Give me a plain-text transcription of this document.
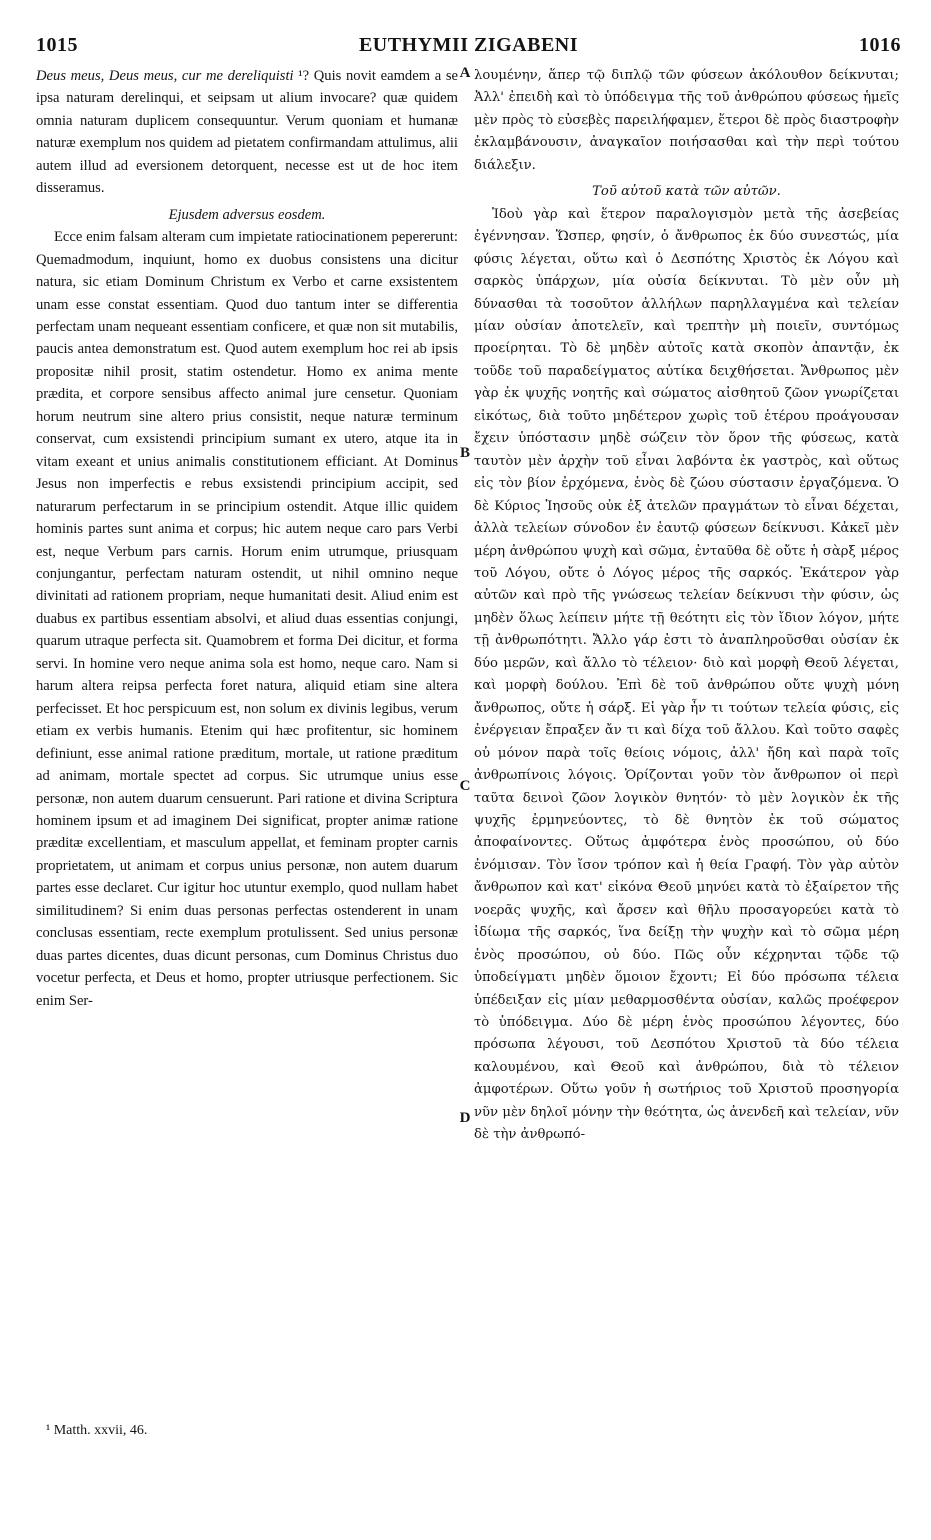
1015	EUTHYMII ZIGABENI	1016

Deus meus, Deus meus, cur me dereliquisti ¹? Quis novit eamdem a se ipsa naturam derelinqui, et seipsam ut alium invocare? quæ quidem omnia naturam duplicem consequuntur. Verum quoniam et humanæ naturæ exemplum nos quidem ad pietatem confirmandam attulimus, alii autem illud ad eversionem detorquent, necesse est ut de hoc item disseramus.

Ejusdem adversus eosdem.

Ecce enim falsam alteram cum impietate ratiocinationem pepererunt: Quemadmodum, inquiunt, homo ex duobus consistens una dicitur natura, sic etiam Dominum Christum ex Verbo et carne exsistentem unam esse constat essentiam. Quod duo tantum inter se differentia perfectam unam nequeant essentiam conficere, et quæ non sit mutabilis, paucis antea demonstratum est. Quod autem exemplum hoc rei ab ipsis propositæ nihil prosit, statim ostendetur. Homo ex anima mente prædita, et corpore sensibus affecto animal jure censetur. Quoniam horum neutrum sine altero prius consistit, neque naturæ terminum conservat, cum exsistendi principium sumant ex utero, atque ita in vitam exeant et unius animalis constitutionem efficiant. At Dominus Jesus non imperfectis e rebus exsistendi principium accipit, sed naturarum perfectarum in se principium ostendit. Atque illic quidem hominis partes sunt anima et corpus; hic autem neque caro pars Verbi est, neque Verbum pars carnis. Horum enim utrumque, priusquam conjungantur, perfectam naturam ostendit, ut nihil omnino neque divinitati ad rationem propriam, neque humanitati desit. Aliud enim est duabus ex partibus essentiam absolvi, et aliud duas essentias conjungi, quarum utraque perfecta sit. Quamobrem et forma Dei dicitur, et forma servi. In homine vero neque anima sola est homo, neque caro. Nam si harum altera reipsa perfecta foret natura, aliquid etiam sine altera perfecisset. Et hoc perspicuum est, non solum ex divinis legibus, verum etiam ex verbis humanis. Etenim qui hæc profitentur, sic hominem definiunt, esse animal ratione præditum, mortale, ut ratione præditum ad animam, mortale spectet ad corpus. Sic utrumque unius esse personæ, non autem duarum censuerunt. Pari ratione et divina Scriptura hominem ipsum et ad imaginem Dei significat, propter animæ ratione præditæ excellentiam, et masculum appellat, et feminam propter carnis proprietatem, ut animam et corpus unius personæ, non autem duarum partes esse declaret. Cur igitur hoc utuntur exemplo, quod nullam habet similitudinem? Si enim duas personas perfectas ostenderent in unam conclusas essentiam, recte exemplum protulissent. Sed unius personæ duas partes dicentes, duas dicunt personas, cum Dominus Christus duo vocetur perfecta, et Deus et homo, propter utriusque perfectionem. Sic enim Ser-

A
B
C
D

λουμένην, ἅπερ τῷ διπλῷ τῶν φύσεων ἀκόλουθον δείκνυται; Ἀλλ' ἐπειδὴ καὶ τὸ ὑπόδειγμα τῆς τοῦ ἀνθρώπου φύσεως ἡμεῖς μὲν πρὸς τὸ εὐσεβὲς παρειλήφαμεν, ἕτεροι δὲ πρὸς διαστροφὴν ἐκλαμβάνουσιν, ἀναγκαῖον ποιήσασθαι καὶ τὴν περὶ τούτου διάλεξιν.

Τοῦ αὐτοῦ κατὰ τῶν αὐτῶν.

Ἰδοὺ γὰρ καὶ ἕτερον παραλογισμὸν μετὰ τῆς ἀσεβείας ἐγέννησαν. Ὥσπερ, φησίν, ὁ ἄνθρωπος ἐκ δύο συνεστώς, μία φύσις λέγεται, οὕτω καὶ ὁ Δεσπότης Χριστὸς ἐκ Λόγου καὶ σαρκὸς ὑπάρχων, μία οὐσία δείκνυται. Τὸ μὲν οὖν μὴ δύνασθαι τὰ τοσοῦτον ἀλλήλων παρηλλαγμένα καὶ τελείαν μίαν οὐσίαν ἀποτελεῖν, καὶ τρεπτὴν μὴ ποιεῖν, συντόμως προείρηται. Τὸ δὲ μηδὲν αὐτοῖς κατὰ σκοπὸν ἀπαντᾷν, ἐκ τοῦδε τοῦ παραδείγματος αὐτίκα δειχθήσεται. Ἄνθρωπος μὲν γὰρ ἐκ ψυχῆς νοητῆς καὶ σώματος αἰσθητοῦ ζῶον γνωρίζεται εἰκότως, διὰ τοῦτο μηδέτερον χωρὶς τοῦ ἑτέρου προάγουσαν ἔχειν ὑπόστασιν μηδὲ σώζειν τὸν ὅρον τῆς φύσεως, κατὰ ταυτὸν μὲν ἀρχὴν τοῦ εἶναι λαβόντα ἐκ γαστρὸς, καὶ οὕτως εἰς τὸν βίον ἐρχόμενα, ἑνὸς δὲ ζώου σύστασιν ἐργαζόμενα. Ὁ δὲ Κύριος Ἰησοῦς οὐκ ἐξ ἀτελῶν πραγμάτων τὸ εἶναι δέχεται, ἀλλὰ τελείων σύνοδον ἐν ἑαυτῷ φύσεων δείκνυσι. Κἀκεῖ μὲν μέρη ἀνθρώπου ψυχὴ καὶ σῶμα, ἐνταῦθα δὲ οὔτε ἡ σὰρξ μέρος τοῦ Λόγου, οὔτε ὁ Λόγος μέρος τῆς σαρκός. Ἑκάτερον γὰρ αὐτῶν καὶ πρὸ τῆς γνώσεως τελείαν δείκνυσι τὴν φύσιν, ὡς μηδὲν ὅλως λείπειν μήτε τῇ θεότητι εἰς τὸν ἴδιον λόγον, μήτε τῇ ἀνθρωπότητι. Ἄλλο γάρ ἐστι τὸ ἀναπληροῦσθαι οὐσίαν ἐκ δύο μερῶν, καὶ ἄλλο τὸ τέλειον· διὸ καὶ μορφὴ Θεοῦ λέγεται, καὶ μορφὴ δούλου. Ἐπὶ δὲ τοῦ ἀνθρώπου οὔτε ψυχὴ μόνη ἄνθρωπος, οὔτε ἡ σάρξ. Εἰ γὰρ ἦν τι τούτων τελεία φύσις, εἰς ἐνέργειαν ἔπραξεν ἄν τι καὶ δίχα τοῦ ἄλλου. Καὶ τοῦτο σαφὲς οὐ μόνον παρὰ τοῖς θείοις νόμοις, ἀλλ' ἤδη καὶ παρὰ τοῖς ἀνθρωπίνοις λόγοις. Ὁρίζονται γοῦν τὸν ἄνθρωπον οἱ περὶ ταῦτα δεινοὶ ζῶον λογικὸν θνητόν· τὸ μὲν λογικὸν ἐκ τῆς ψυχῆς ἑρμηνεύοντες, τὸ δὲ θνητὸν ἐκ τοῦ σώματος ἀποφαίνοντες. Οὕτως ἀμφότερα ἑνὸς προσώπου, οὐ δύο ἐνόμισαν. Τὸν ἴσον τρόπον καὶ ἡ θεία Γραφή. Τὸν γὰρ αὐτὸν ἄνθρωπον καὶ κατ' εἰκόνα Θεοῦ μηνύει κατὰ τὸ ἐξαίρετον τῆς νοερᾶς ψυχῆς, καὶ ἄρσεν καὶ θῆλυ προσαγορεύει κατὰ τὸ ἰδίωμα τῆς σαρκός, ἵνα δείξῃ τὴν ψυχὴν καὶ τὸ σῶμα μέρη ἑνὸς προσώπου, οὐ δύο. Πῶς οὖν κέχρηνται τῷδε τῷ ὑποδείγματι μηδὲν ὅμοιον ἔχοντι; Εἰ δύο πρόσωπα τέλεια ὑπέδειξαν εἰς μίαν μεθαρμοσθέντα οὐσίαν, καλῶς προέφερον τὸ ὑπόδειγμα. Δύο δὲ μέρη ἑνὸς προσώπου λέγοντες, δύο πρόσωπα λέγουσι, τοῦ Δεσπότου Χριστοῦ τὰ δύο τέλεια καλουμένου, καὶ Θεοῦ καὶ ἀνθρώπου, διὰ τὸ τέλειον ἀμφοτέρων. Οὕτω γοῦν ἡ σωτήριος τοῦ Χριστοῦ προσηγορία νῦν μὲν δηλοῖ μόνην τὴν θεότητα, ὡς ἀνενδεῆ καὶ τελείαν, νῦν δὲ τὴν ἀνθρωπό-

¹ Matth. xxvii, 46.
